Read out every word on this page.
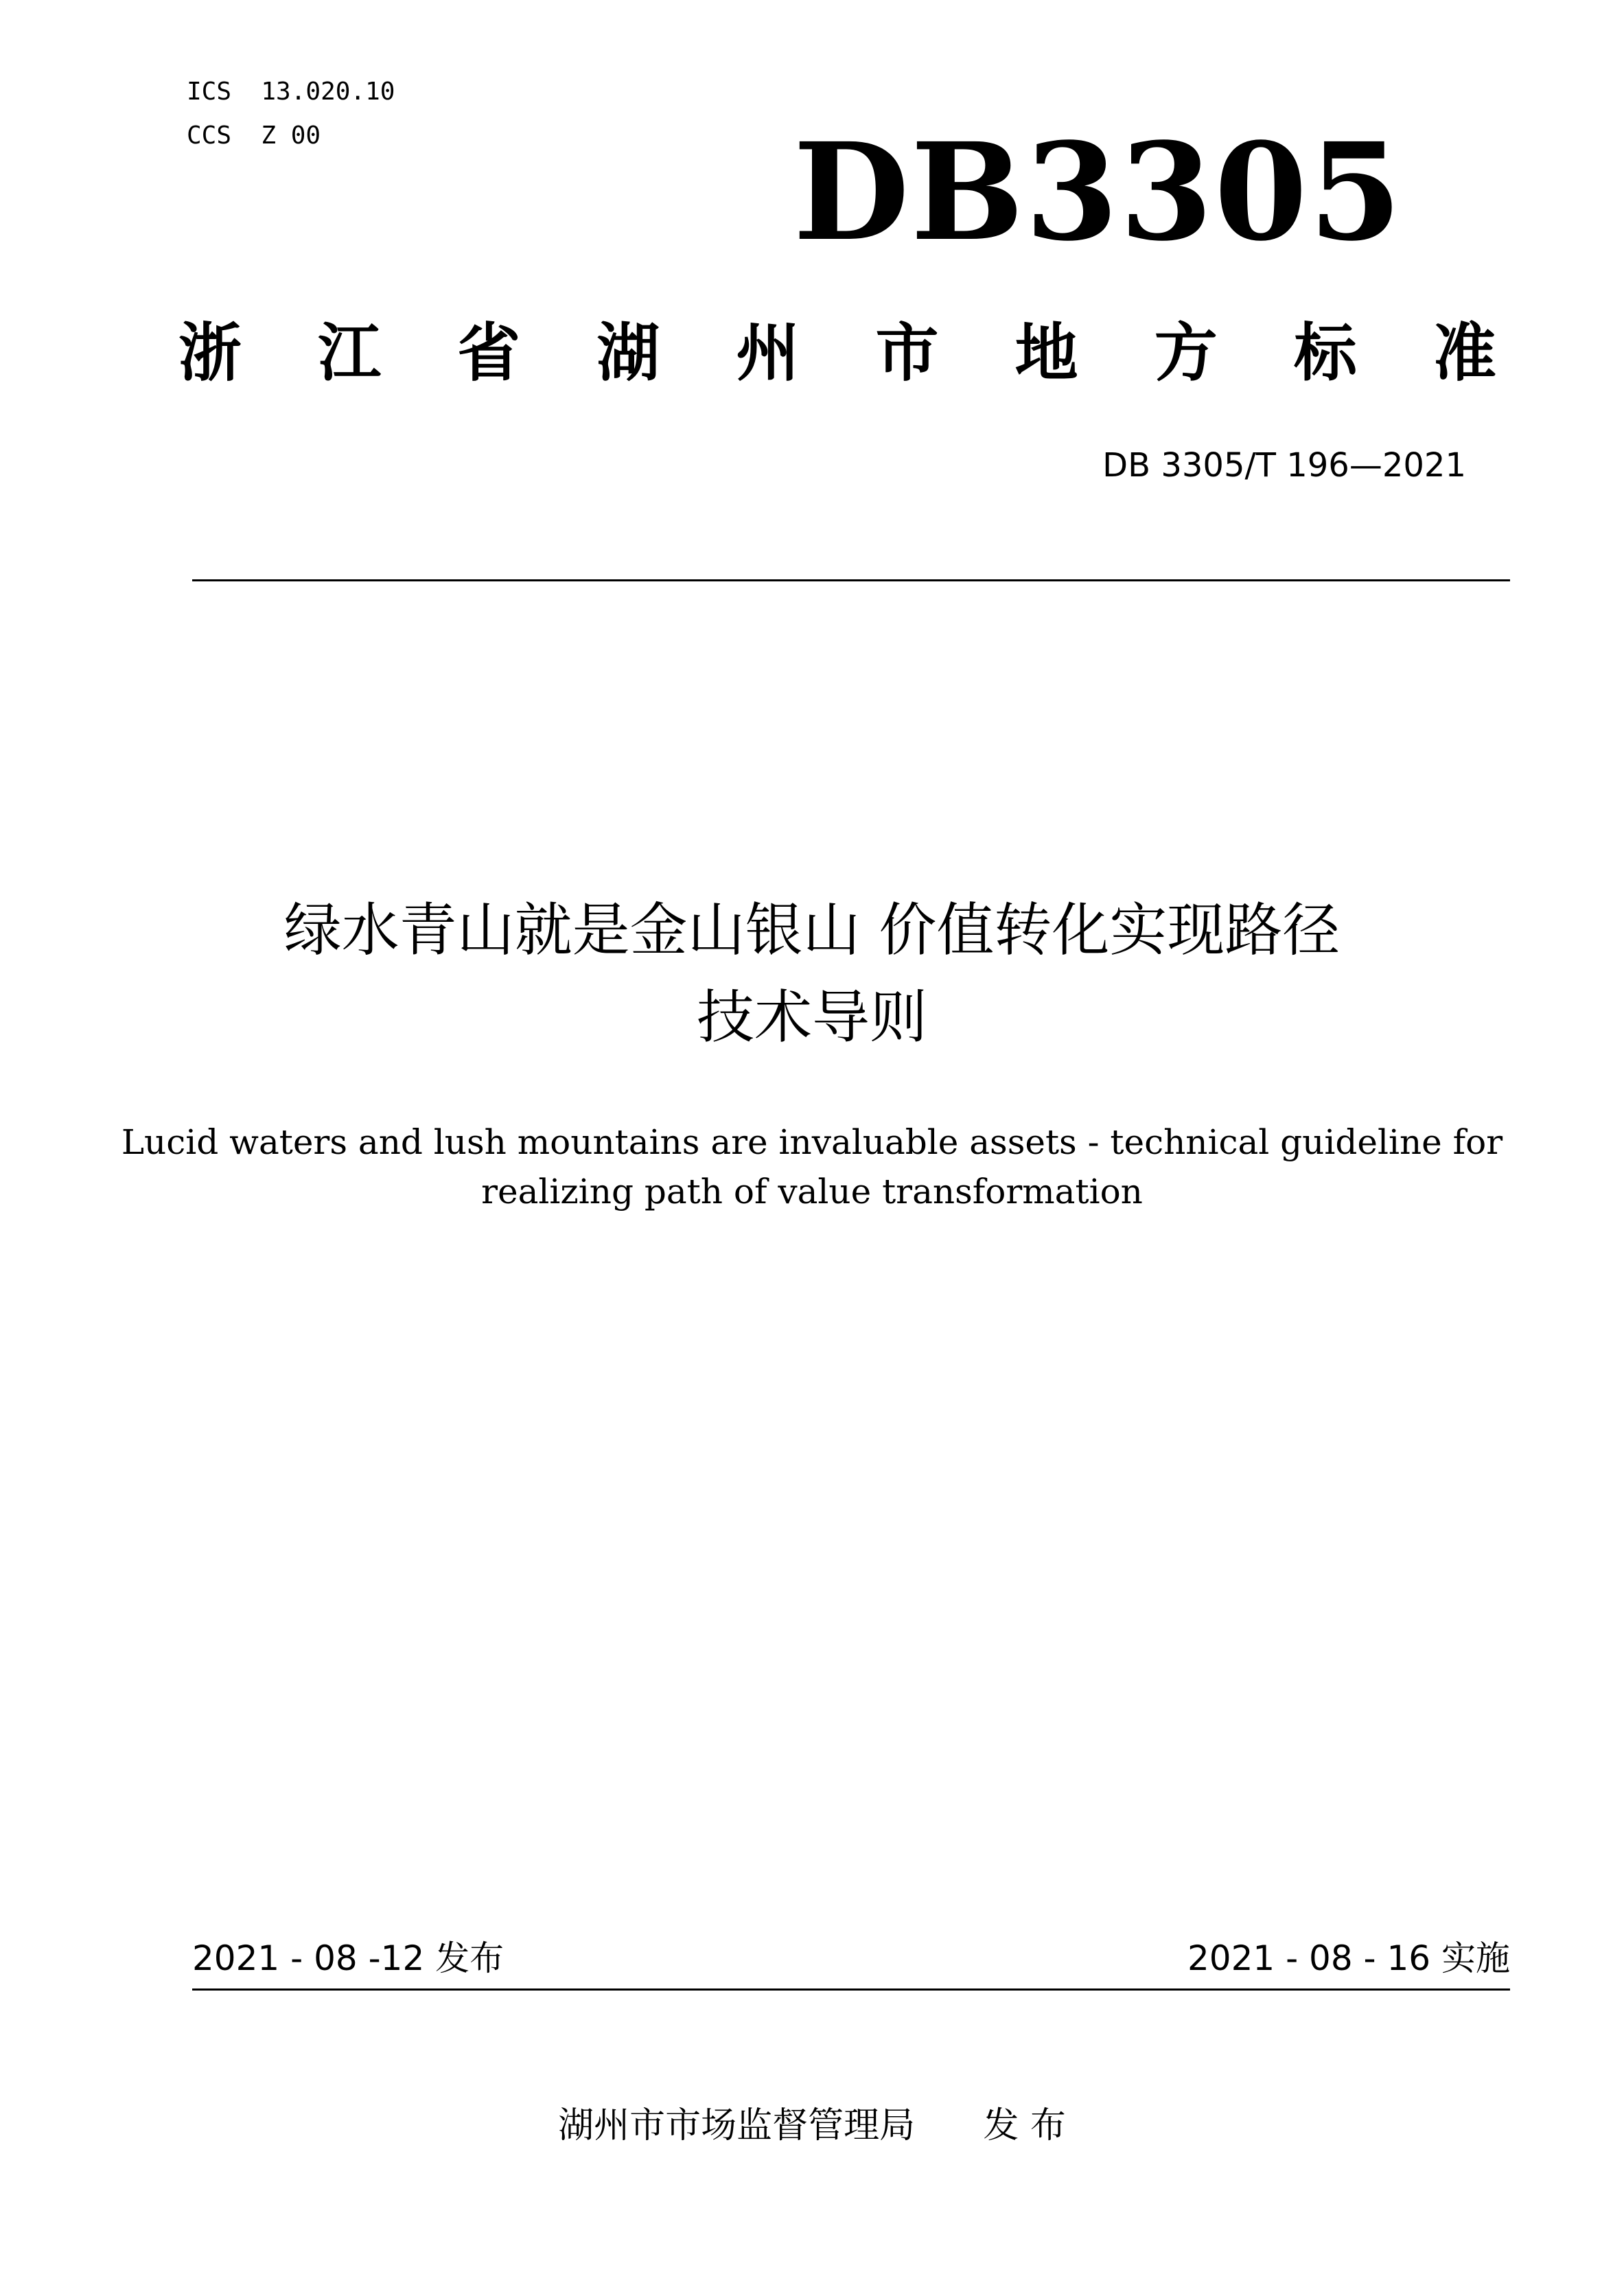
ICS  13.020.10
CCS  Z 00	DB3305
浙 江 省 湖 州 市 地 方 标 准
DB 3305/T 196—2021
绿水青山就是金山银山 价值转化实现路径
技术导则
Lucid waters and lush mountains are invaluable assets - technical guideline for
realizing path of value transformation
2021 - 08 -12 发布	2021 - 08 - 16 实施
湖州市市场监督管理局      发 布
